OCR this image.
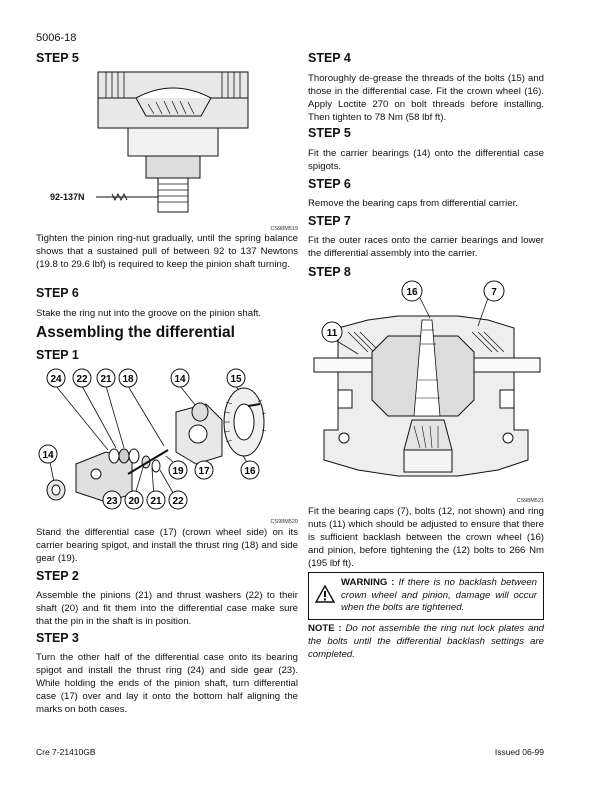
5006-18
STEP 5
92-137N
CS98M519

Tighten the pinion ring-nut gradually, until the spring balance shows that a sustained pull of between 92 to 137 Newtons (19.8 to 29.6 lbf) is required to keep the pinion shaft turning.

STEP 6

Stake the ring nut into the groove on the pinion shaft.

Assembling the differential
STEP 1
24 22 21 18	14	15
14
19 17	16
23 20 21 22
CS98M520

Stand the differential case (17) (crown wheel side) on its carrier bearing spigot, and install the thrust ring (18) and side gear (19).

STEP 2

Assemble the pinions (21) and thrust washers (22) to their shaft (20) and fit them into the differential case make sure that the pin in the shaft is in position.

STEP 3

Turn the other half of the differential case onto its bearing spigot and install the thrust ring (24) and side gear (23). While holding the ends of the pinion shaft, turn differential case (17) over and lay it onto the bottom half aligning the marks on both cases.

STEP 4

Thoroughly de-grease the threads of the bolts (15) and those in the differential case. Fit the crown wheel (16). Apply Loctite 270 on bolt threads before installing. Then tighten to 78 Nm (58 lbf ft).

STEP 5

Fit the carrier bearings (14) onto the differential case spigots.

STEP 6

Remove the bearing caps from differential carrier.

STEP 7

Fit the outer races onto the carrier bearings and lower the differential assembly into the carrier.

STEP 8
16	7
11
CS98M521

Fit the bearing caps (7), bolts (12, not shown) and ring nuts (11) which should be adjusted to ensure that there is sufficient backlash between the crown wheel (16) and pinion, before tightening the (12) bolts to 266 Nm (195 lbf ft).

WARNING : If there is no backlash between crown wheel and pinion, damage will occur when the bolts are tightened.
NOTE : Do not assemble the ring nut lock plates and the bolts until the differential backlash settings are completed.
Cre 7-21410GB	Issued 06-99
